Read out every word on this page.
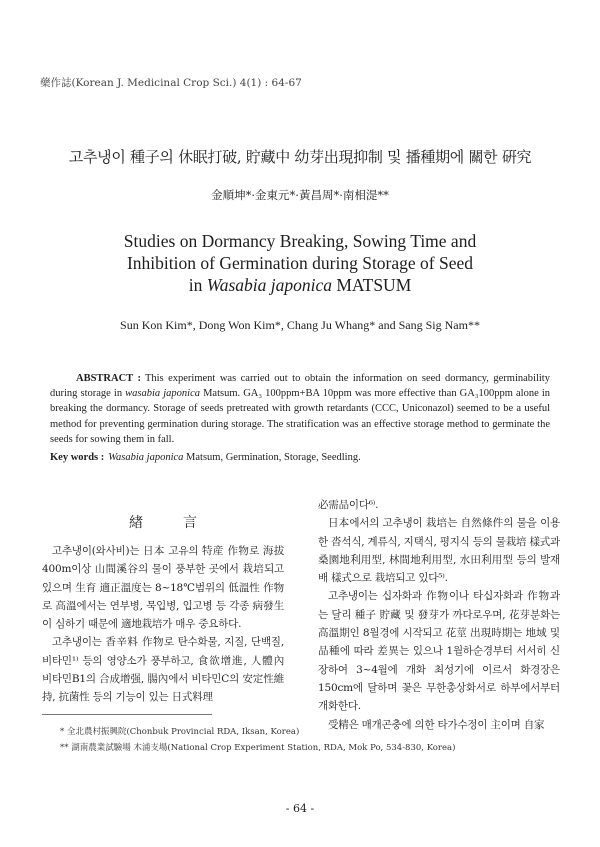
藥作誌(Korean J. Medicinal Crop Sci.) 4(1) : 64-67
고추냉이 種子의 休眠打破, 貯藏中 幼芽出現抑制 및 播種期에 關한 硏究
金順坤*·金東元*·黃昌周*·南相湜**
Studies on Dormancy Breaking, Sowing Time and
Inhibition of Germination during Storage of Seed
in Wasabia japonica MATSUM
Sun Kon Kim*, Dong Won Kim*, Chang Ju Whang* and Sang Sig Nam**
ABSTRACT : This experiment was carried out to obtain the information on seed dormancy, germinability during storage in wasabia japonica Matsum. GA₃ 100ppm+BA 10ppm was more effective than GA₃100ppm alone in breaking the dormancy. Storage of seeds pretreated with growth retardants (CCC, Uniconazol) seemed to be a useful method for preventing germination during storage. The stratification was an effective storage method to germinate the seeds for sowing them in fall.
Key words : Wasabia japonica Matsum, Germination, Storage, Seedling.
緖言

고추냉이(와사비)는 日本 고유의 特産 作物로 海拔 400m이상 山間溪谷의 물이 풍부한 곳에서 栽培되고 있으며 生育 適正溫度는 8~18℃범위의 低溫性 作物로 高溫에서는 연부병, 묵입병, 입고병 등 각종 病發生이 심하기 때문에 適地栽培가 매우 중요하다.

고추냉이는 香辛料 作物로 탄수화물, 지질, 단백질, 비타민¹⁾ 등의 영양소가 풍부하고, 食欲增進, 人體內 비타민B1의 合成增强, 腸內에서 비타민C의 安定性維持, 抗菌性 등의 기능이 있는 日式料理

必需品이다⁶⁾.

日本에서의 고추냉이 栽培는 自然條件의 물을 이용한 沓석식, 계류식, 지택식, 평지식 등의 물栽培 樣式과 桑園地利用型, 林間地利用型, 水田利用型 등의 발재배 樣式으로 栽培되고 있다⁵⁾.

고추냉이는 십자화과 作物이나 타십자화과 作物과는 달리 種子 貯藏 및 發芽가 까다로우며, 花芽분화는 高溫期인 8월경에 시작되고 花莖 出現時期는 地域 및 品種에 따라 差異는 있으나 1월하순경부터 서서히 신장하여 3~4월에 개화 최성기에 이르서 화경장은 150cm에 달하며 꽃은 무한총상화서로 하부에서부터 개화한다.

受精은 매개곤충에 의한 타가수정이 主이며 自家

* 全北農村振興院(Chonbuk Provincial RDA, Iksan, Korea)
** 湖南農業試驗場 木浦支場(National Crop Experiment Station, RDA, Mok Po, 534-830, Korea)
- 64 -
